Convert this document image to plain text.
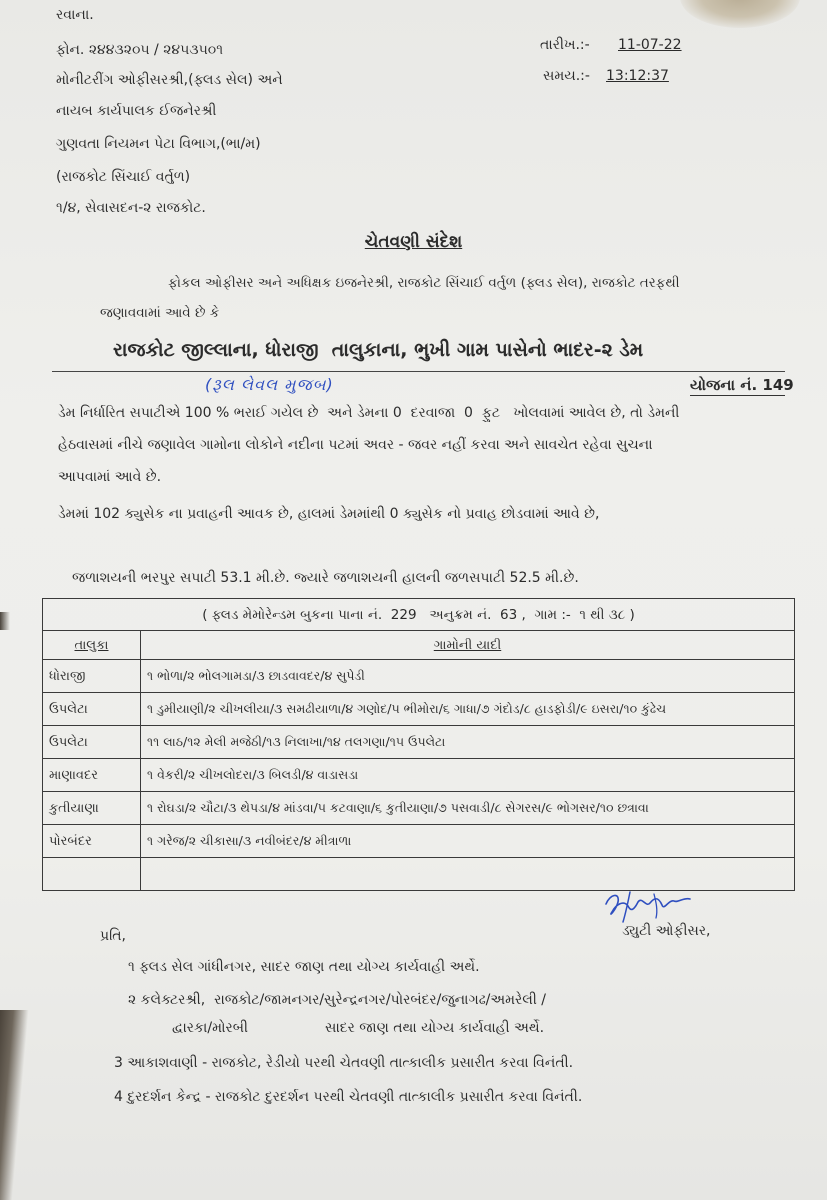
રવાના.
ફોન. ૨૪૪૩૨૦૫ / ૨૪૫૩૫૦૧
મોનીટરીંગ ઓફીસરશ્રી,(ફ્લડ સેલ) અને
નાયબ કાર્યપાલક ઈજનેરશ્રી
ગુણવતા નિયમન પેટા વિભાગ,(ભા/મ)
(રાજકોટ સિંચાઈ વર્તુળ)
૧/૪, સેવાસદન-૨ રાજકોટ.
તારીખ.:- 11-07-22
સમય.:- 13:12:37
ચેતવણી સંદેશ
ફોકલ ઓફીસર અને અધિક્ષક ઇજનેરશ્રી, રાજકોટ સિંચાઈ વર્તુળ (ફ્લડ સેલ), રાજકોટ તરફથી
જણાવવામાં આવે છે કે
રાજકોટ જીલ્લાના, ધોરાજી  તાલુકાના, ભુખી ગામ પાસેનો ભાદર-૨ ડેમ
(રૂલ લેવલ મુજબ)	યોજના નં. 149
ડેમ નિર્ધારિત સપાટીએ 100 % ભરાઈ ગયેલ છે  અને ડેમના 0  દરવાજા  0  ફુટ   ખોલવામાં આવેલ છે, તો ડેમની
હેઠવાસમાં નીચે જણાવેલ ગામોના લોકોને નદીના પટમાં અવર - જવર નહીં કરવા અને સાવચેત રહેવા સુચના
આપવામાં આવે છે.
ડેમમાં 102 ક્યુસેક ના પ્રવાહની આવક છે, હાલમાં ડેમમાંથી 0 ક્યુસેક નો પ્રવાહ છોડવામાં આવે છે,
જળાશયની ભરપુર સપાટી 53.1 મી.છે. જ્યારે જળાશયની હાલની જળસપાટી 52.5 મી.છે.
( ફ્લડ મેમોરેન્ડમ બુકના પાના નં.  229   અનુક્રમ નં.  63 ,  ગામ :-  ૧ થી ૩૮ )	
તાલુકા	ગામોની યાદી
ધોરાજી	૧ ભોળા/૨ ભોલગામડા/૩ છાડવાવદર/૪ સુપેડી
ઉપલેટા	૧ ડુમીયાણી/૨ ચીખલીયા/૩ સમઢીયાળા/૪ ગણોદ/૫ ભીમોરા/૬ ગાધા/૭ ગંદોડ/૮ હાડફોડી/૯ ઇસરા/૧૦ કુંઢેચ
ઉપલેટા	૧૧ લાઠ/૧૨ મેલી મજેઠી/૧૩ નિલાખા/૧૪ તલગણા/૧૫ ઉપલેટા
માણાવદર	૧ વેકરી/૨ ચીખલોદરા/૩ બિલડી/૪ વાડાસડા
કુતીયાણા	૧ રોઘડા/૨ ચૌટા/૩ થેપડા/૪ માંડવા/૫ કટવાણા/૬ કુતીયાણા/૭ પસવાડી/૮ સેગરસ/૯ ભોગસર/૧૦ છત્રાવા
પોરબંદર	૧ ગરેજ/૨ ચીકાસા/૩ નવીબંદર/૪ મીત્રાળા

ડ્યુટી ઓફીસર,
પ્રતિ,
૧ ફ્લડ સેલ ગાંધીનગર, સાદર જાણ તથા યોગ્ય કાર્યવાહી અર્થે.
૨ કલેક્ટરશ્રી,  રાજકોટ/જામનગર/સુરેન્દ્રનગર/પોરબંદર/જુનાગઢ/અમરેલી /
દ્વારકા/મોરબી	સાદર જાણ તથા યોગ્ય કાર્યવાહી અર્થે.
3 આકાશવાણી - રાજકોટ, રેડીયો પરથી ચેતવણી તાત્કાલીક પ્રસારીત કરવા વિનંતી.
4 દુરદર્શન કેન્દ્ર - રાજકોટ દુરદર્શન પરથી ચેતવણી તાત્કાલીક પ્રસારીત કરવા વિનંતી.
